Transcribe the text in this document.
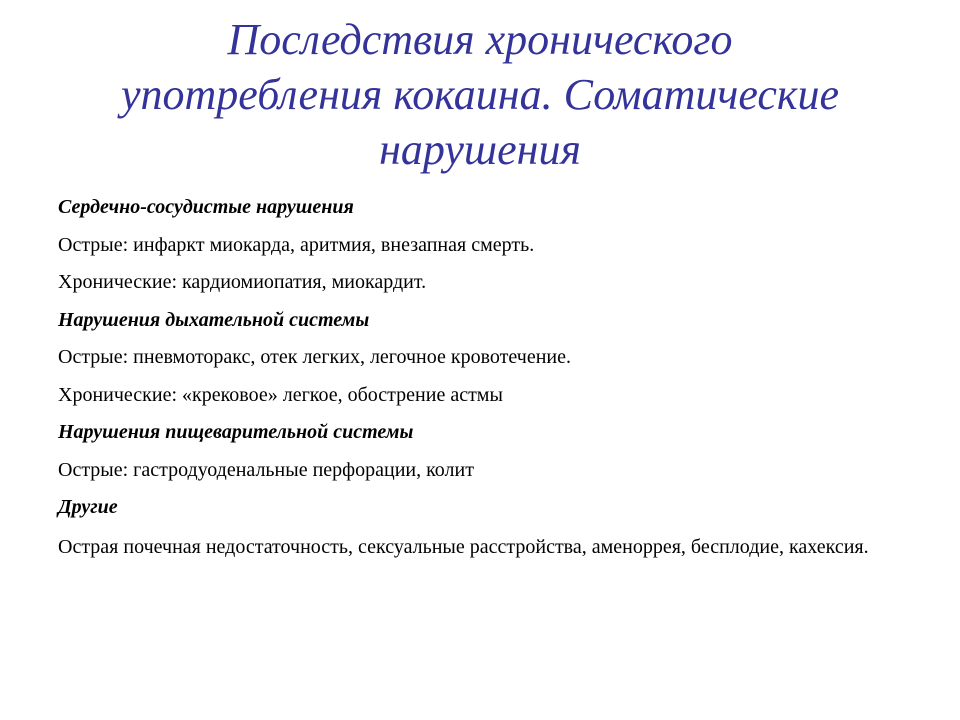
Последствия хронического
употребления кокаина. Соматические
нарушения
Сердечно-сосудистые нарушения
Острые: инфаркт миокарда, аритмия, внезапная смерть.
Хронические: кардиомиопатия, миокардит.
Нарушения дыхательной системы
Острые: пневмоторакс, отек легких, легочное кровотечение.
Хронические: «крековое» легкое, обострение астмы
Нарушения пищеварительной системы
Острые: гастродуоденальные перфорации, колит
Другие
Острая почечная недостаточность, сексуальные расстройства, аменоррея, бесплодие, кахексия.
